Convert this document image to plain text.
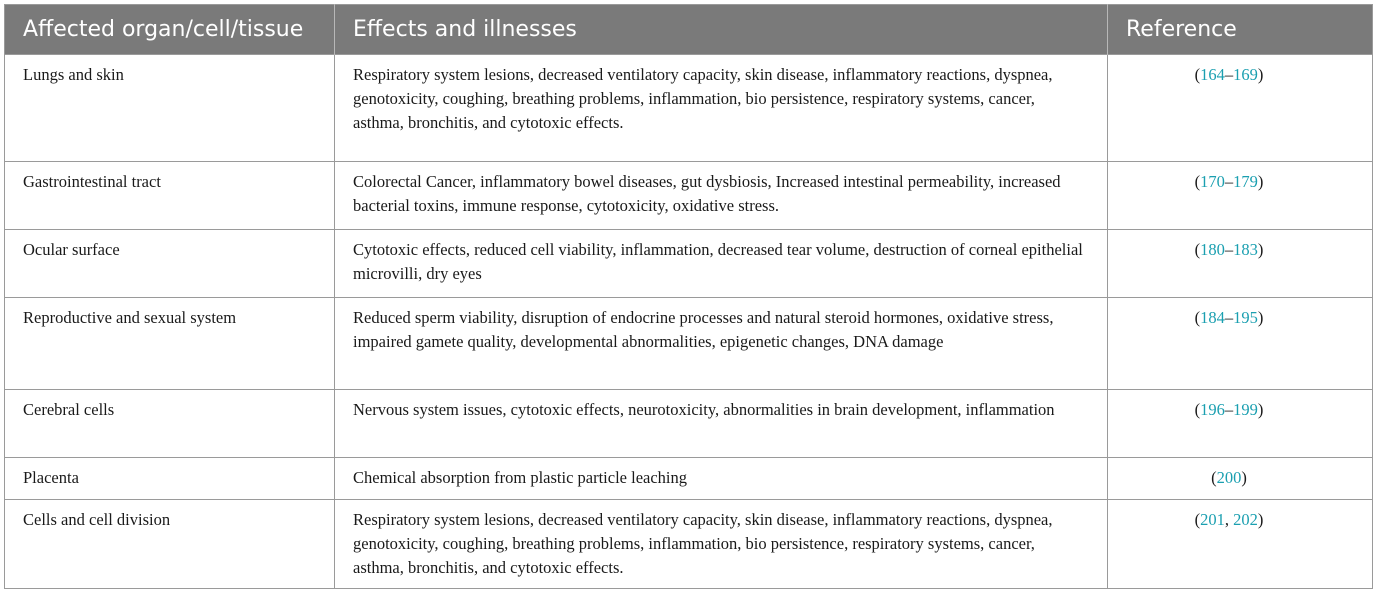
Affected organ/cell/tissue	Effects and illnesses	Reference
Lungs and skin	Respiratory system lesions, decreased ventilatory capacity, skin disease, inflammatory reactions, dyspnea, genotoxicity, coughing, breathing problems, inflammation, bio persistence, respiratory systems, cancer, asthma, bronchitis, and cytotoxic effects.	(164–169)
Gastrointestinal tract	Colorectal Cancer, inflammatory bowel diseases, gut dysbiosis, Increased intestinal permeability, increased bacterial toxins, immune response, cytotoxicity, oxidative stress.	(170–179)
Ocular surface	Cytotoxic effects, reduced cell viability, inflammation, decreased tear volume, destruction of corneal epithelial microvilli, dry eyes	(180–183)
Reproductive and sexual system	Reduced sperm viability, disruption of endocrine processes and natural steroid hormones, oxidative stress, impaired gamete quality, developmental abnormalities, epigenetic changes, DNA damage	(184–195)
Cerebral cells	Nervous system issues, cytotoxic effects, neurotoxicity, abnormalities in brain development, inflammation	(196–199)
Placenta	Chemical absorption from plastic particle leaching	(200)
Cells and cell division	Respiratory system lesions, decreased ventilatory capacity, skin disease, inflammatory reactions, dyspnea, genotoxicity, coughing, breathing problems, inflammation, bio persistence, respiratory systems, cancer, asthma, bronchitis, and cytotoxic effects.	(201, 202)
